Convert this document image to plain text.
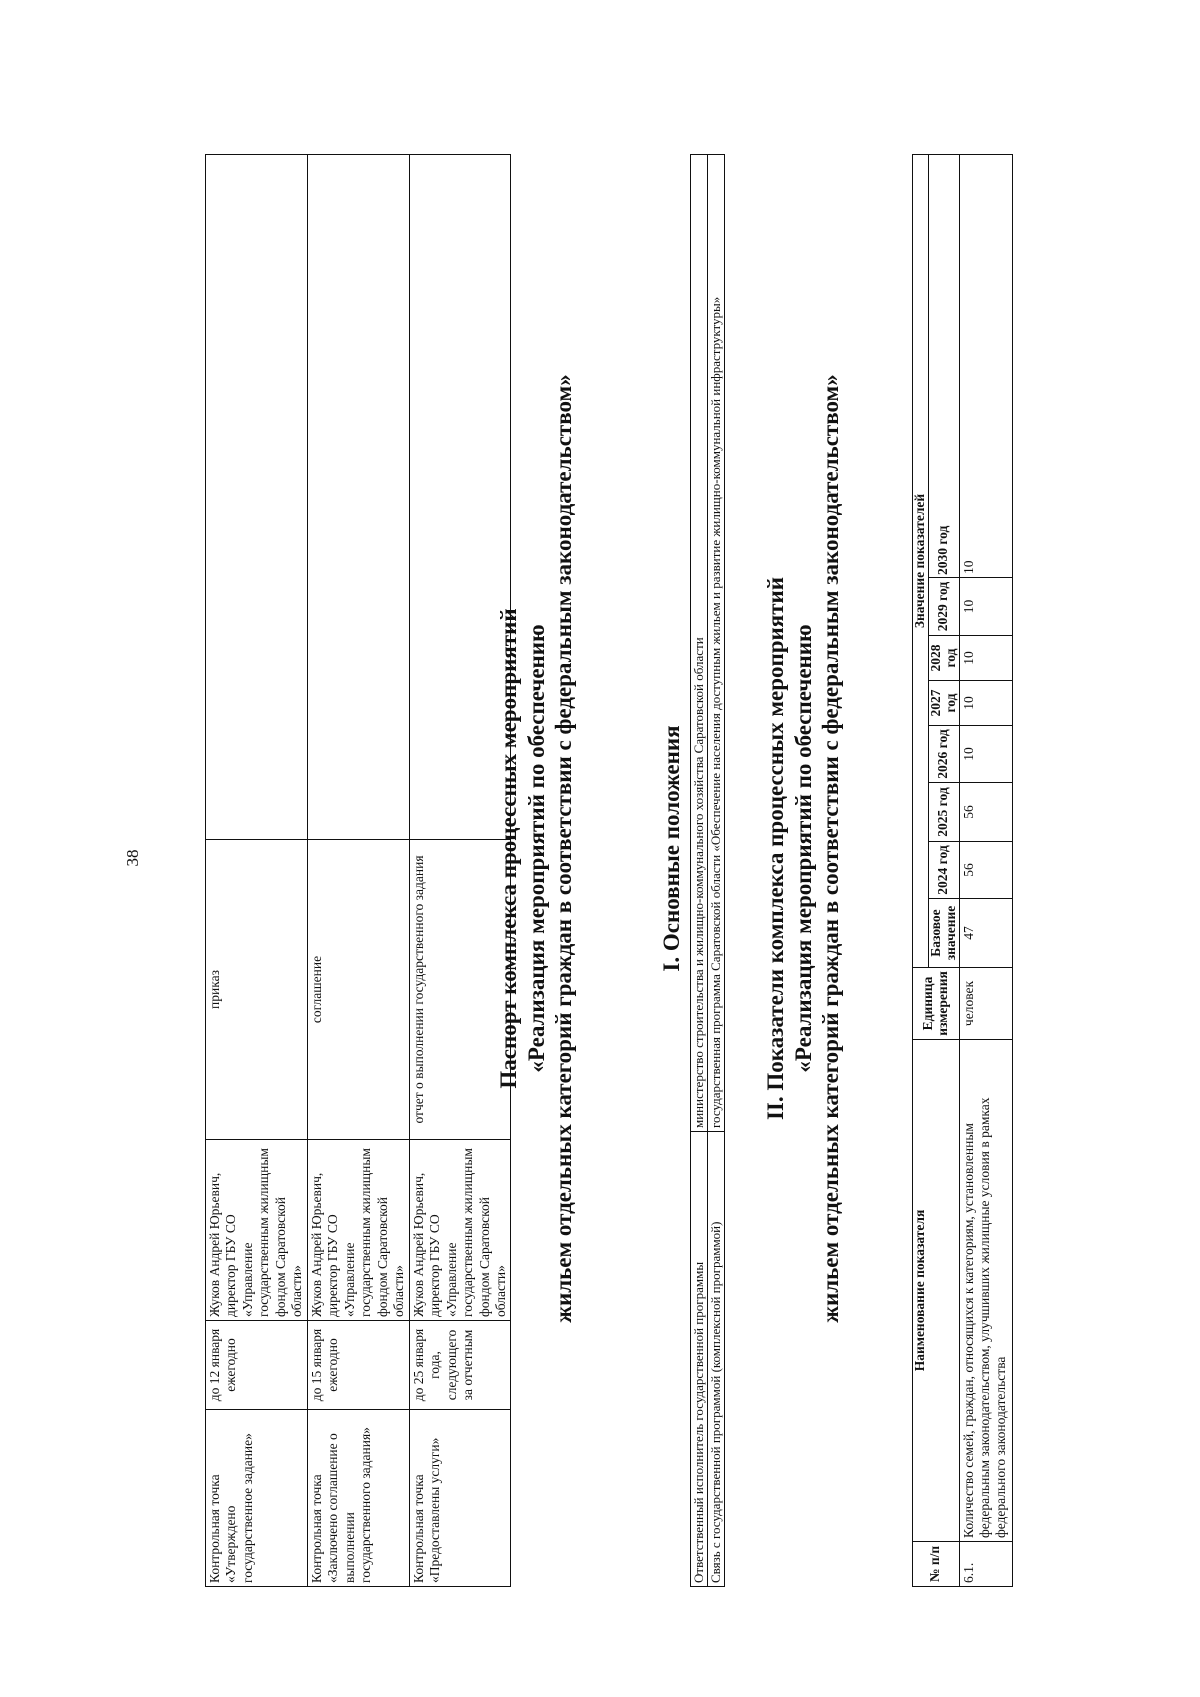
38
Контрольная точка «Утверждено государственное задание»	до 12 января ежегодно	Жуков Андрей Юрьевич, директор ГБУ СО «Управление государственным жилищным фондом Саратовской области»	приказ	
Контрольная точка «Заключено соглашение о выполнении государственного задания»	до 15 января ежегодно	Жуков Андрей Юрьевич, директор ГБУ СО «Управление государственным жилищным фондом Саратовской области»	соглашение	
Контрольная точка «Предоставлены услуги»	до 25 января года, следующего за отчетным	Жуков Андрей Юрьевич, директор ГБУ СО «Управление государственным жилищным фондом Саратовской области»	отчет о выполнении государственного задания		Паспорт комплекса процессных мероприятий «Реализация мероприятий по обеспечению жильем отдельных категорий граждан в соответствии с федеральным законодательством»	I. Основные положения
Ответственный исполнитель государственной программы	министерство строительства и жилищно-коммунального хозяйства Саратовской области
Связь с государственной программой (комплексной программой)	государственная программа Саратовской области «Обеспечение населения доступным жильем и развитие жилищно-коммунальной инфраструктуры» II. Показатели комплекса процессных мероприятий «Реализация мероприятий по обеспечению жильем отдельных категорий граждан в соответствии с федеральным законодательством»
№ п/п	Наименование показателя	Единица измерения	Значение показателей							
			Базовое значение	2024 год	2025 год	2026 год	2027 год	2028 год	2029 год	2030 год
6.1.	Количество семей, граждан, относящихся к категориям, установленным федеральным законодательством, улучшивших жилищные условия в рамках федерального законодательства	человек	47	56	56	10	10	10	10	10
